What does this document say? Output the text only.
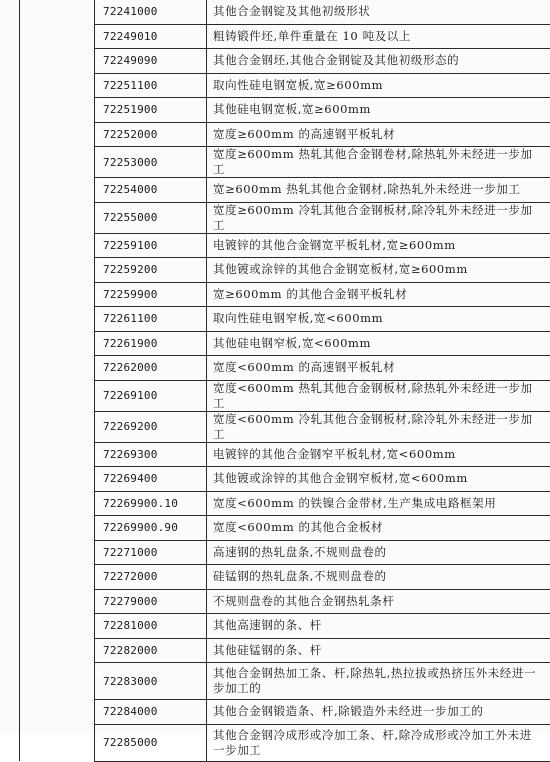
	72241000	其他合金钢锭及其他初级形状
	72249010	粗铸锻件坯,单件重量在 10 吨及以上
	72249090	其他合金钢坯,其他合金钢锭及其他初级形态的
	72251100	取向性硅电钢宽板,宽≥600mm
	72251900	其他硅电钢宽板,宽≥600mm
	72252000	宽度≥600mm 的高速钢平板轧材
	72253000	宽度≥600mm 热轧其他合金钢卷材,除热轧外未经进一步加工
	72254000	宽≥600mm 热轧其他合金钢材,除热轧外未经进一步加工
	72255000	宽度≥600mm 冷轧其他合金钢板材,除冷轧外未经进一步加工
	72259100	电镀锌的其他合金钢宽平板轧材,宽≥600mm
	72259200	其他镀或涂锌的其他合金钢宽板材,宽≥600mm
	72259900	宽≥600mm 的其他合金钢平板轧材
	72261100	取向性硅电钢窄板,宽<600mm
	72261900	其他硅电钢窄板,宽<600mm
	72262000	宽度<600mm 的高速钢平板轧材
	72269100	宽度<600mm 热轧其他合金钢板材,除热轧外未经进一步加工
	72269200	宽度<600mm 冷轧其他合金钢板材,除冷轧外未经进一步加工
	72269300	电镀锌的其他合金钢窄平板轧材,宽<600mm
	72269400	其他镀或涂锌的其他合金钢窄板材,宽<600mm
	72269900.10	宽度<600mm 的铁镍合金带材,生产集成电路框架用
	72269900.90	宽度<600mm 的其他合金板材
	72271000	高速钢的热轧盘条,不规则盘卷的
	72272000	硅锰钢的热轧盘条,不规则盘卷的
	72279000	不规则盘卷的其他合金钢热轧条杆
	72281000	其他高速钢的条、杆
	72282000	其他硅锰钢的条、杆
	72283000	其他合金钢热加工条、杆,除热轧,热拉拔或热挤压外未经进一步加工的
	72284000	其他合金钢锻造条、杆,除锻造外未经进一步加工的
	72285000	其他合金钢冷成形或冷加工条、杆,除冷成形或冷加工外未进一步加工
